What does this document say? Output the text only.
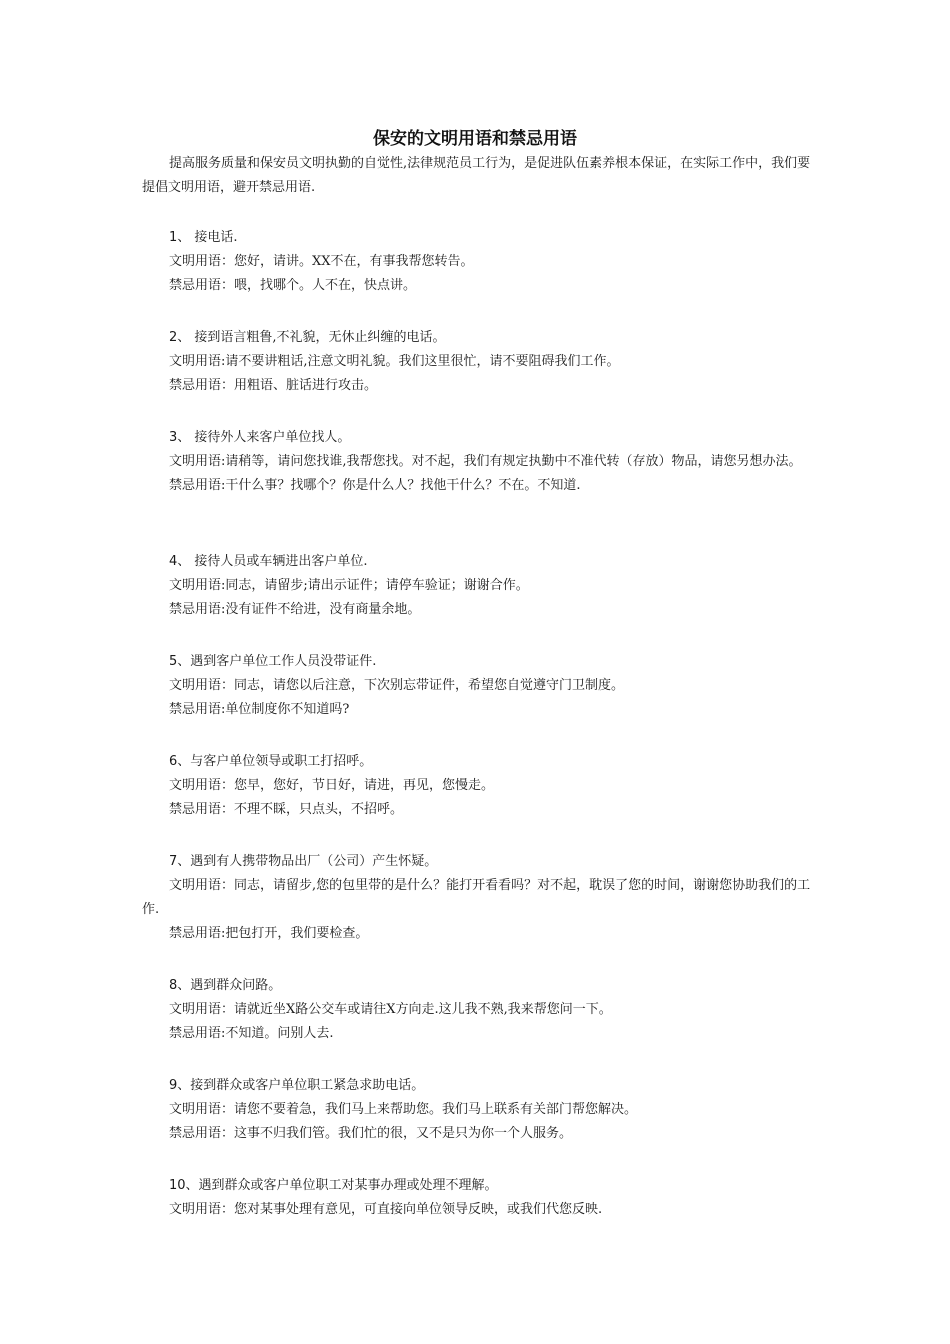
保安的文明用语和禁忌用语

提高服务质量和保安员文明执勤的自觉性,法律规范员工行为，是促进队伍素养根本保证，在实际工作中，我们要提倡文明用语，避开禁忌用语.

1、 接电话.

文明用语：您好，请讲。XX不在，有事我帮您转告。

禁忌用语：喂，找哪个。人不在，快点讲。

2、 接到语言粗鲁,不礼貌，无休止纠缠的电话。

文明用语:请不要讲粗话,注意文明礼貌。我们这里很忙，请不要阻碍我们工作。

禁忌用语：用粗语、脏话进行攻击。

3、 接待外人来客户单位找人。

文明用语:请稍等，请问您找谁,我帮您找。对不起，我们有规定执勤中不准代转（存放）物品，请您另想办法。

禁忌用语:干什么事？找哪个？你是什么人？找他干什么？不在。不知道.

4、 接待人员或车辆进出客户单位.

文明用语:同志，请留步;请出示证件；请停车验证；谢谢合作。

禁忌用语:没有证件不给进，没有商量余地。

5、遇到客户单位工作人员没带证件.

文明用语：同志，请您以后注意，下次别忘带证件，希望您自觉遵守门卫制度。

禁忌用语:单位制度你不知道吗?

6、与客户单位领导或职工打招呼。

文明用语：您早，您好，节日好，请进，再见，您慢走。

禁忌用语：不理不睬，只点头，不招呼。

7、遇到有人携带物品出厂（公司）产生怀疑。

文明用语：同志，请留步,您的包里带的是什么？能打开看看吗？对不起，耽误了您的时间，谢谢您协助我们的工作.

禁忌用语:把包打开，我们要检查。

8、遇到群众问路。

文明用语：请就近坐X路公交车或请往X方向走.这儿我不熟,我来帮您问一下。

禁忌用语:不知道。问别人去.

9、接到群众或客户单位职工紧急求助电话。

文明用语：请您不要着急，我们马上来帮助您。我们马上联系有关部门帮您解决。

禁忌用语：这事不归我们管。我们忙的很，又不是只为你一个人服务。

10、遇到群众或客户单位职工对某事办理或处理不理解。

文明用语：您对某事处理有意见，可直接向单位领导反映，或我们代您反映.
